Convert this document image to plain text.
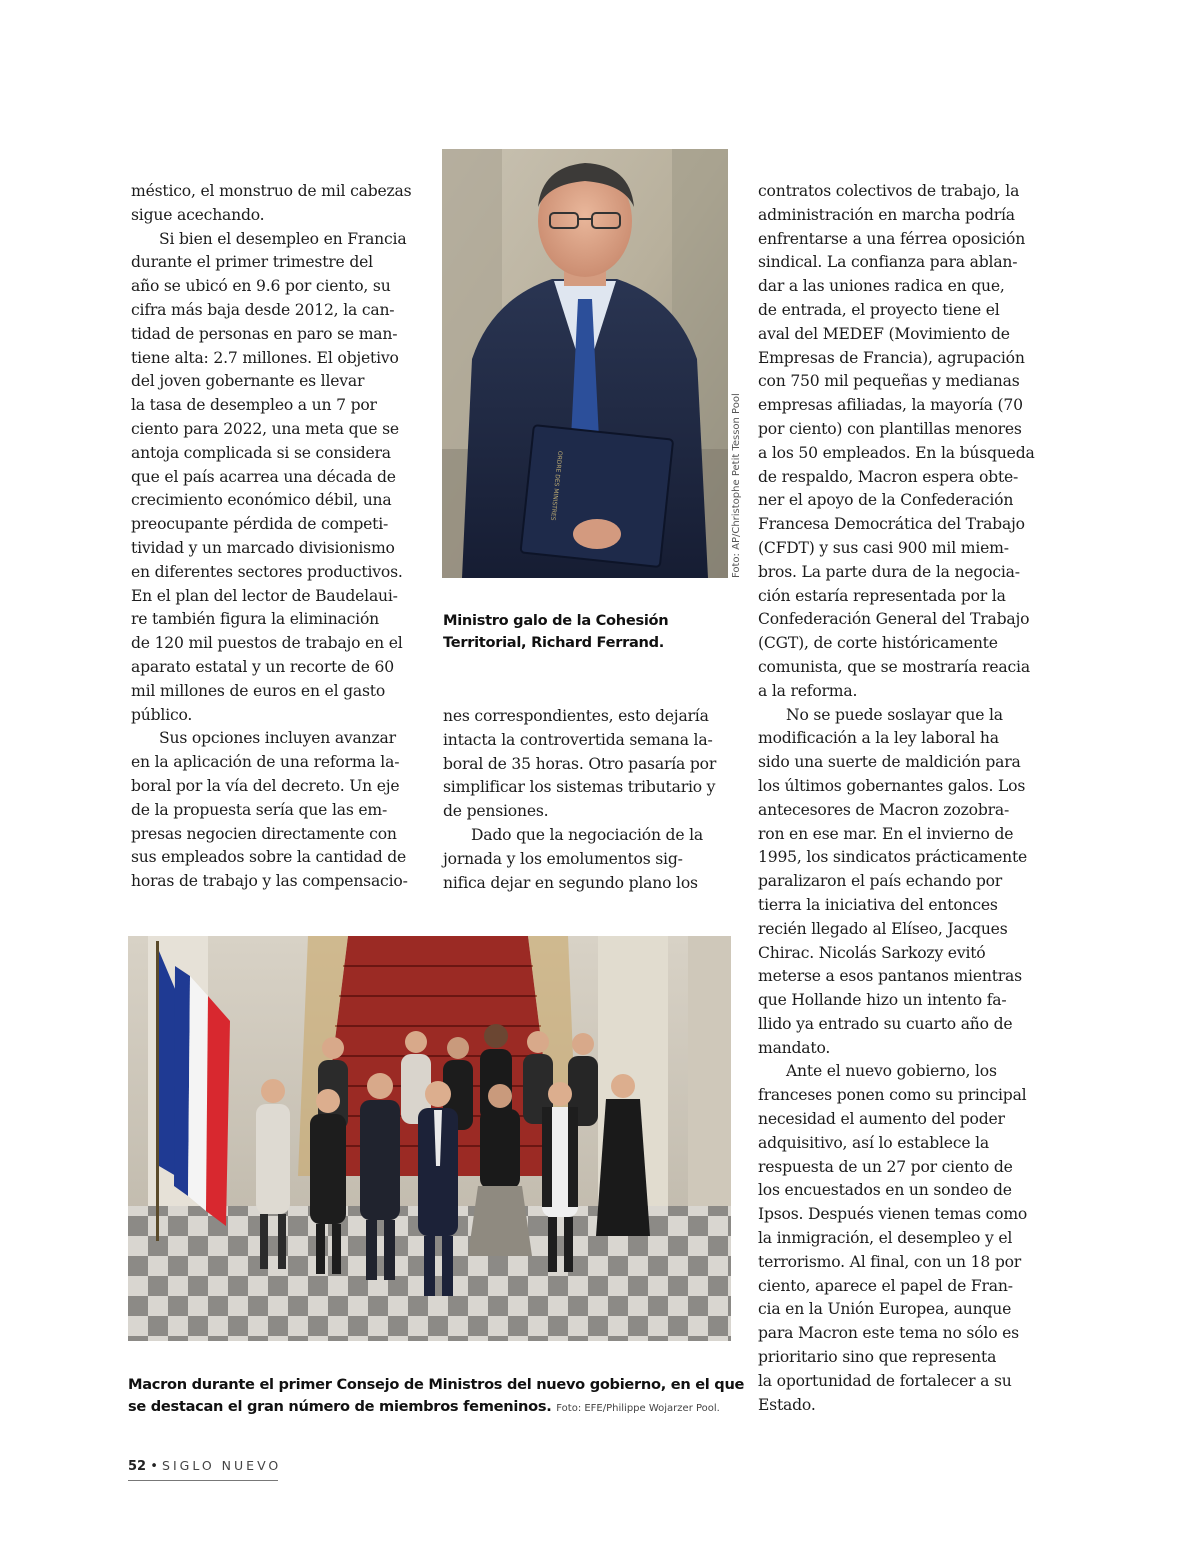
méstico, el monstruo de mil cabezas
sigue acechando.
Si bien el desempleo en Francia
durante el primer trimestre del
año se ubicó en 9.6 por ciento, su
cifra más baja desde 2012, la can-
tidad de personas en paro se man-
tiene alta: 2.7 millones. El objetivo
del joven gobernante es llevar
la tasa de desempleo a un 7 por
ciento para 2022, una meta que se
antoja complicada si se considera
que el país acarrea una década de
crecimiento económico débil, una
preocupante pérdida de competi-
tividad y un marcado divisionismo
en diferentes sectores productivos.
En el plan del lector de Baudelaui-
re también figura la eliminación
de 120 mil puestos de trabajo en el
aparato estatal y un recorte de 60
mil millones de euros en el gasto
público.
Sus opciones incluyen avanzar
en la aplicación de una reforma la-
boral por la vía del decreto. Un eje
de la propuesta sería que las em-
presas negocien directamente con
sus empleados sobre la cantidad de
horas de trabajo y las compensacio-
nes correspondientes, esto dejaría
intacta la controvertida semana la-
boral de 35 horas. Otro pasaría por
simplificar los sistemas tributario y
de pensiones.
Dado que la negociación de la
jornada y los emolumentos sig-
nifica dejar en segundo plano los
contratos colectivos de trabajo, la
administración en marcha podría
enfrentarse a una férrea oposición
sindical. La confianza para ablan-
dar a las uniones radica en que,
de entrada, el proyecto tiene el
aval del MEDEF (Movimiento de
Empresas de Francia), agrupación
con 750 mil pequeñas y medianas
empresas afiliadas, la mayoría (70
por ciento) con plantillas menores
a los 50 empleados. En la búsqueda
de respaldo, Macron espera obte-
ner el apoyo de la Confederación
Francesa Democrática del Trabajo
(CFDT) y sus casi 900 mil miem-
bros. La parte dura de la negocia-
ción estaría representada por la
Confederación General del Trabajo
(CGT), de corte históricamente
comunista, que se mostraría reacia
a la reforma.
No se puede soslayar que la
modificación a la ley laboral ha
sido una suerte de maldición para
los últimos gobernantes galos. Los
antecesores de Macron zozobra-
ron en ese mar. En el invierno de
1995, los sindicatos prácticamente
paralizaron el país echando por
tierra la iniciativa del entonces
recién llegado al Elíseo, Jacques
Chirac. Nicolás Sarkozy evitó
meterse a esos pantanos mientras
que Hollande hizo un intento fa-
llido ya entrado su cuarto año de
mandato.
Ante el nuevo gobierno, los
franceses ponen como su principal
necesidad el aumento del poder
adquisitivo, así lo establece la
respuesta de un 27 por ciento de
los encuestados en un sondeo de
Ipsos. Después vienen temas como
la inmigración, el desempleo y el
terrorismo. Al final, con un 18 por
ciento, aparece el papel de Fran-
cia en la Unión Europea, aunque
para Macron este tema no sólo es
prioritario sino que representa
la oportunidad de fortalecer a su
Estado.
ORDRE DES MINISTRES	Foto: AP/Christophe Petit Tesson Pool
Ministro galo de la Cohesión
Territorial, Richard Ferrand.
Macron durante el primer Consejo de Ministros del nuevo gobierno, en el que
se destacan el gran número de miembros femeninos. Foto: EFE/Philippe Wojarzer Pool.
52 • SIGLO NUEVO
